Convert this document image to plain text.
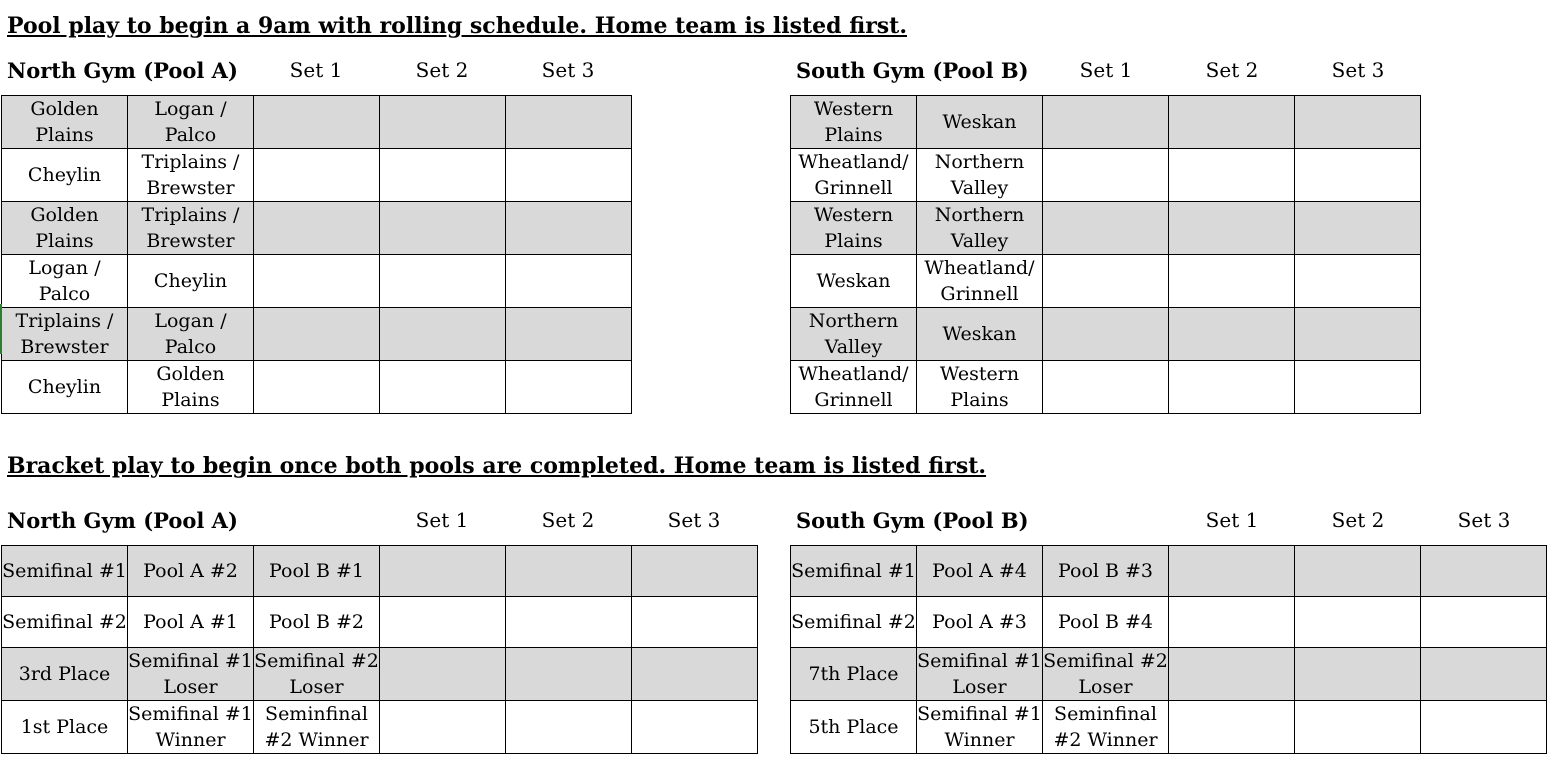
Pool play to begin a 9am with rolling schedule. Home team is listed first.
North Gym (Pool A)	Set 1	Set 2	Set 3
Golden Plains	Logan / Palco			
Cheylin	Triplains / Brewster			
Golden Plains	Triplains / Brewster			
Logan / Palco	Cheylin			
Triplains / Brewster	Logan / Palco			
Cheylin	Golden Plains			
South Gym (Pool B)	Set 1	Set 2	Set 3
Western Plains	Weskan			
Wheatland/ Grinnell	Northern Valley			
Western Plains	Northern Valley			
Weskan	Wheatland/ Grinnell			
Northern Valley	Weskan			
Wheatland/ Grinnell	Western Plains			
Bracket play to begin once both pools are completed. Home team is listed first.
North Gym (Pool A)	Set 1	Set 2	Set 3
Semifinal #1	Pool A #2	Pool B #1			
Semifinal #2	Pool A #1	Pool B #2			
3rd Place	Semifinal #1 Loser	Semifinal #2 Loser			
1st Place	Semifinal #1 Winner	Seminfinal #2 Winner			
South Gym (Pool B)	Set 1	Set 2	Set 3
Semifinal #1	Pool A #4	Pool B #3			
Semifinal #2	Pool A #3	Pool B #4			
7th Place	Semifinal #1 Loser	Semifinal #2 Loser			
5th Place	Semifinal #1 Winner	Seminfinal #2 Winner			
